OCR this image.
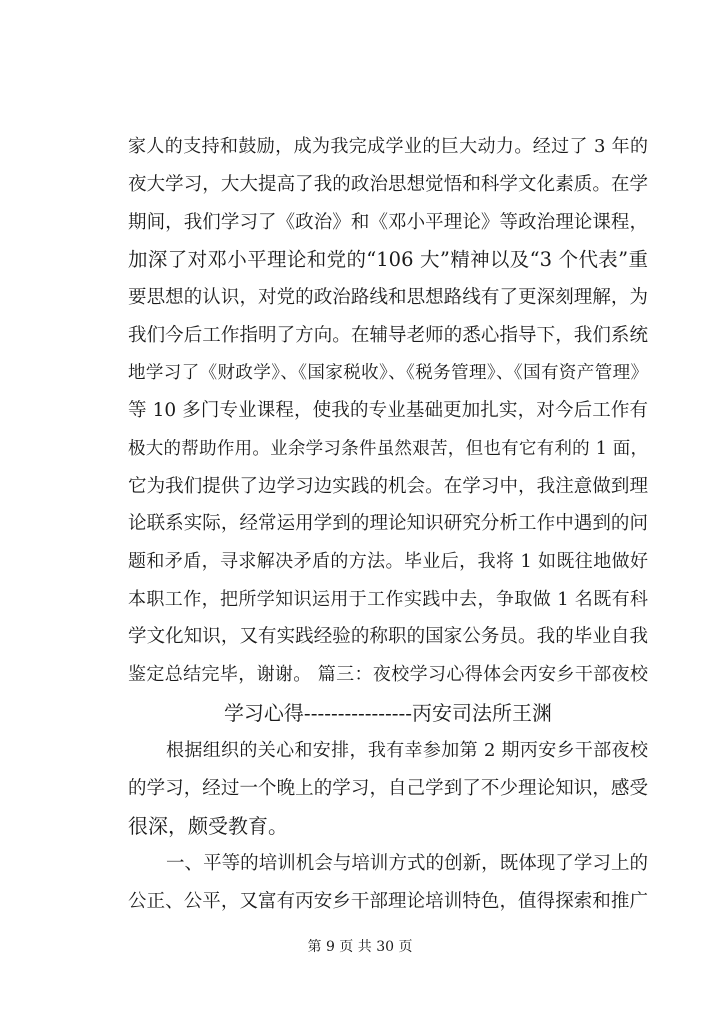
家人的支持和鼓励，成为我完成学业的巨大动力。经过了 3 年的
夜大学习，大大提高了我的政治思想觉悟和科学文化素质。在学
期间，我们学习了《政治》和《邓小平理论》等政治理论课程，
加深了对邓小平理论和党的“106 大”精神以及“3 个代表”重
要思想的认识，对党的政治路线和思想路线有了更深刻理解，为
我们今后工作指明了方向。在辅导老师的悉心指导下，我们系统
地学习了《财政学》、《国家税收》、《税务管理》、《国有资产管理》
等 10 多门专业课程，使我的专业基础更加扎实，对今后工作有
极大的帮助作用。业余学习条件虽然艰苦，但也有它有利的 1 面，
它为我们提供了边学习边实践的机会。在学习中，我注意做到理
论联系实际，经常运用学到的理论知识研究分析工作中遇到的问
题和矛盾，寻求解决矛盾的方法。毕业后，我将 1 如既往地做好
本职工作，把所学知识运用于工作实践中去，争取做 1 名既有科
学文化知识，又有实践经验的称职的国家公务员。我的毕业自我
鉴定总结完毕，谢谢。 篇三：夜校学习心得体会丙安乡干部夜校
学习心得----------------丙安司法所王渊
根据组织的关心和安排，我有幸参加第 2 期丙安乡干部夜校
的学习，经过一个晚上的学习，自己学到了不少理论知识，感受
很深，颇受教育。
一、平等的培训机会与培训方式的创新，既体现了学习上的
公正、公平，又富有丙安乡干部理论培训特色，值得探索和推广
第 9 页 共 30 页
